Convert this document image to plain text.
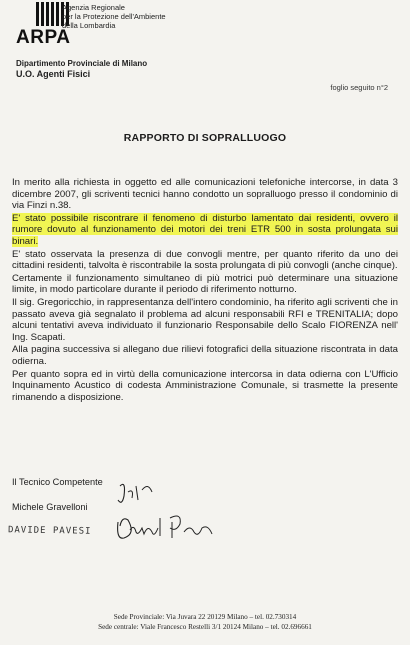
ARPA
Agenzia Regionale
per la Protezione dell'Ambiente
della Lombardia
Dipartimento Provinciale di Milano
U.O. Agenti Fisici
foglio seguito n°2
RAPPORTO DI SOPRALLUOGO

In merito alla richiesta in oggetto ed alle comunicazioni telefoniche intercorse, in data 3 dicembre 2007, gli scriventi tecnici hanno condotto un sopralluogo presso il condominio di via Finzi n.38.

E' stato possibile riscontrare il fenomeno di disturbo lamentato dai residenti, ovvero il rumore dovuto al funzionamento dei motori dei treni ETR 500 in sosta prolungata sui binari.

E' stato osservata la presenza di due convogli mentre, per quanto riferito da uno dei cittadini residenti, talvolta è riscontrabile la sosta prolungata di più convogli (anche cinque).

Certamente il funzionamento simultaneo di più motrici può determinare una situazione limite, in modo particolare durante il periodo di riferimento notturno.

Il sig. Gregoricchio, in rappresentanza dell'intero condominio, ha riferito agli scriventi che in passato aveva già segnalato il problema ad alcuni responsabili RFI e TRENITALIA; dopo alcuni tentativi aveva individuato il funzionario Responsabile dello Scalo FIORENZA nell' Ing. Scapati.

Alla pagina successiva si allegano due rilievi fotografici della situazione riscontrata in data odierna.

Per quanto sopra ed in virtù della comunicazione intercorsa in data odierna con L'Ufficio Inquinamento Acustico di codesta Amministrazione Comunale, si trasmette la presente rimanendo a disposizione.

Il Tecnico Competente
Michele Gravelloni
DAVIDE PAVESI
Sede Provinciale: Via Juvara 22 20129 Milano – tel. 02.730314
Sede centrale: Viale Francesco Restelli 3/1 20124 Milano – tel. 02.696661
